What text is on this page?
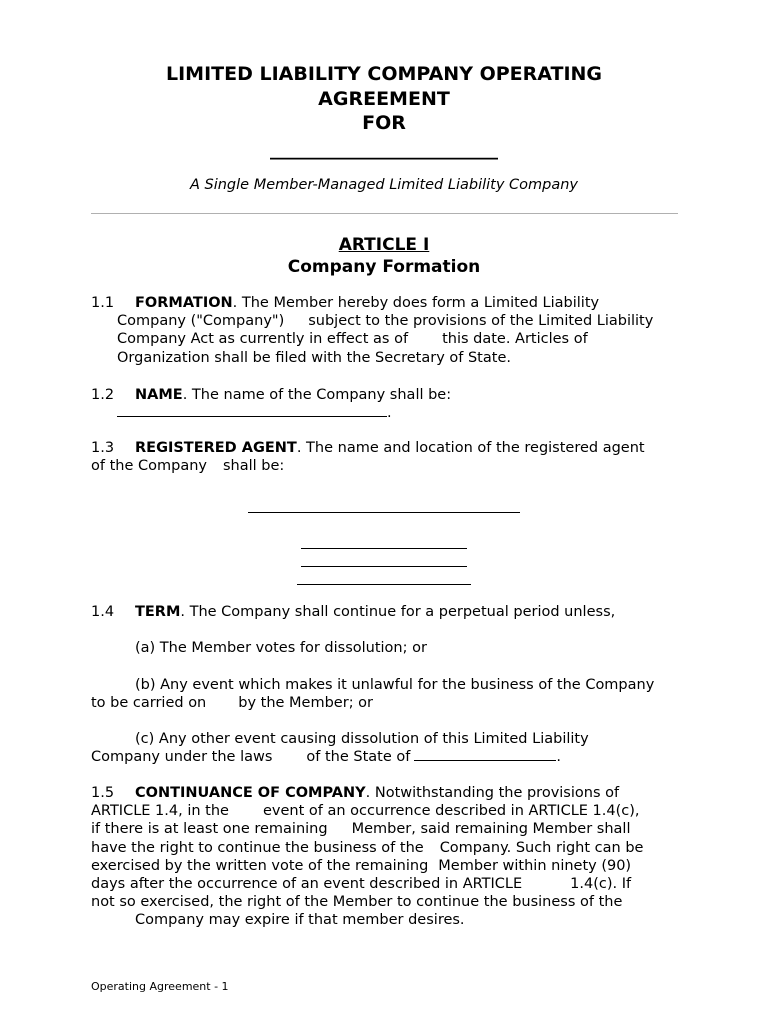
LIMITED LIABILITY COMPANY OPERATING
AGREEMENT
FOR
________________________
A Single Member-Managed Limited Liability Company
ARTICLE I
Company Formation
1.1 FORMATION. The Member hereby does form a Limited Liability
Company ("Company") subject to the provisions of the Limited Liability
Company Act as currently in effect as of this date. Articles of
Organization shall be filed with the Secretary of State.
1.2 NAME. The name of the Company shall be:
.
1.3 REGISTERED AGENT. The name and location of the registered agent
of the Company shall be:
1.4 TERM. The Company shall continue for a perpetual period unless,
(a) The Member votes for dissolution; or
(b) Any event which makes it unlawful for the business of the Company
to be carried on by the Member; or
(c) Any other event causing dissolution of this Limited Liability
Company under the laws of the State of	.
1.5 CONTINUANCE OF COMPANY. Notwithstanding the provisions of
ARTICLE 1.4, in the event of an occurrence described in ARTICLE 1.4(c),
if there is at least one remaining Member, said remaining Member shall
have the right to continue the business of the Company. Such right can be
exercised by the written vote of the remaining Member within ninety (90)
days after the occurrence of an event described in ARTICLE	1.4(c). If
not so exercised, the right of the Member to continue the business of the
Company may expire if that member desires.
Operating Agreement - 1
